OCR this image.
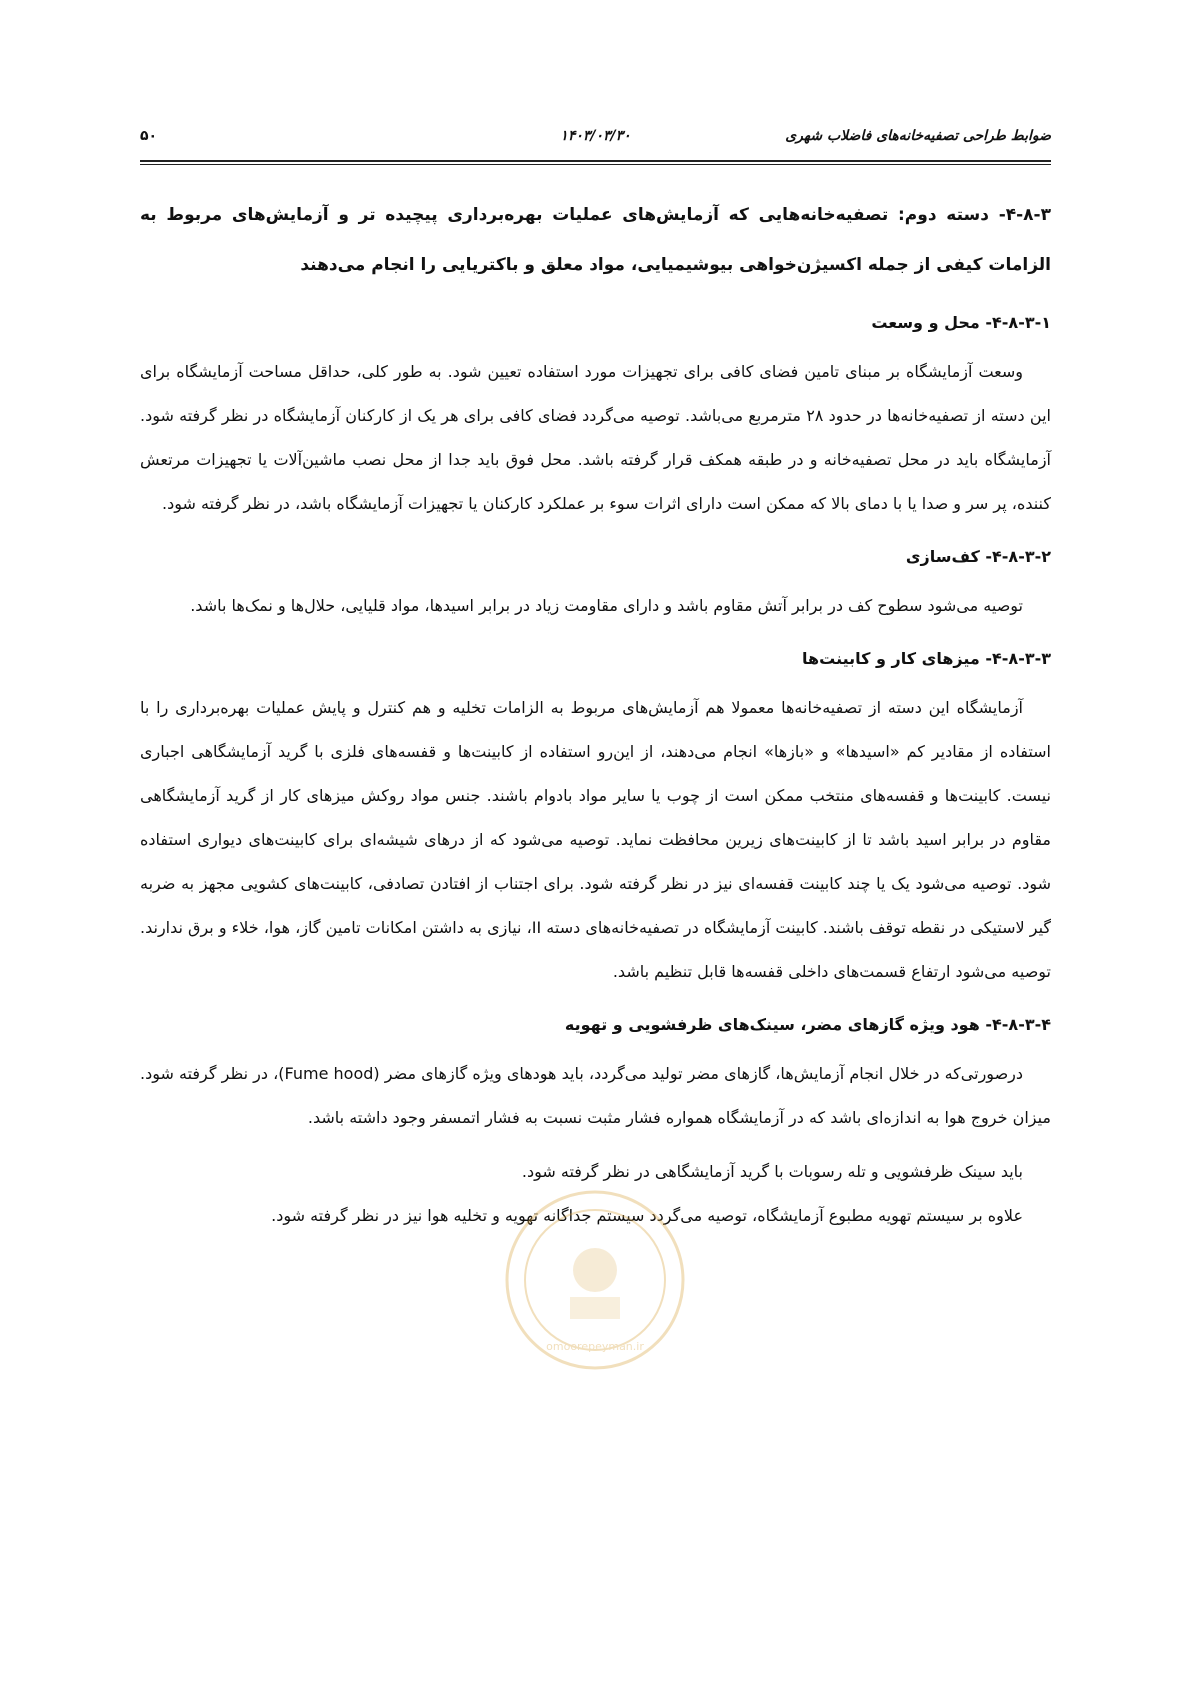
ضوابط طراحی تصفیه‌خانه‌های فاضلاب شهری
۱۴۰۳/۰۳/۳۰
۵۰
۴-۸-۳- دسته دوم: تصفیه‌خانه‌هایی که آزمایش‌های عملیات بهره‌برداری پیچیده تر و آزمایش‌های مربوط به الزامات کیفی از جمله اکسیژن‌خواهی بیوشیمیایی، مواد معلق و باکتریایی را انجام می‌دهند
۴-۸-۳-۱- محل و وسعت

وسعت آزمایشگاه بر مبنای تامین فضای کافی برای تجهیزات مورد استفاده تعیین شود. به طور کلی، حداقل مساحت آزمایشگاه برای این دسته از تصفیه‌خانه‌ها در حدود ۲۸ مترمربع می‌باشد. توصیه می‌گردد فضای کافی برای هر یک از کارکنان آزمایشگاه در نظر گرفته شود. آزمایشگاه باید در محل تصفیه‌خانه و در طبقه همکف قرار گرفته باشد. محل فوق باید جدا از محل نصب ماشین‌آلات یا تجهیزات مرتعش کننده، پر سر و صدا یا با دمای بالا که ممکن است دارای اثرات سوء بر عملکرد کارکنان یا تجهیزات آزمایشگاه باشد، در نظر گرفته شود.

۴-۸-۳-۲- کف‌سازی

توصیه می‌شود سطوح کف در برابر آتش مقاوم باشد و دارای مقاومت زیاد در برابر اسیدها، مواد قلیایی، حلال‌ها و نمک‌ها باشد.

۴-۸-۳-۳- میزهای کار و کابینت‌ها

آزمایشگاه این دسته از تصفیه‌خانه‌ها معمولا هم آزمایش‌های مربوط به الزامات تخلیه و هم کنترل و پایش عملیات بهره‌برداری را با استفاده از مقادیر کم «اسیدها» و «بازها» انجام می‌دهند، از این‌رو استفاده از کابینت‌ها و قفسه‌های فلزی با گرید آزمایشگاهی اجباری نیست. کابینت‌ها و قفسه‌های منتخب ممکن است از چوب یا سایر مواد بادوام باشند. جنس مواد روکش میزهای کار از گرید آزمایشگاهی مقاوم در برابر اسید باشد تا از کابینت‌های زیرین محافظت نماید. توصیه می‌شود که از درهای شیشه‌ای برای کابینت‌های دیواری استفاده شود. توصیه می‌شود یک یا چند کابینت قفسه‌ای نیز در نظر گرفته شود. برای اجتناب از افتادن تصادفی، کابینت‌های کشویی مجهز به ضربه گیر لاستیکی در نقطه توقف باشند. کابینت آزمایشگاه در تصفیه‌خانه‌های دسته II، نیازی به داشتن امکانات تامین گاز، هوا، خلاء و برق ندارند. توصیه می‌شود ارتفاع قسمت‌های داخلی قفسه‌ها قابل تنظیم باشد.

۴-۸-۳-۴- هود ویژه گازهای مضر، سینک‌های ظرفشویی و تهویه

درصورتی‌که در خلال انجام آزمایش‌ها، گازهای مضر تولید می‌گردد، باید هودهای ویژه گازهای مضر (Fume hood)، در نظر گرفته شود. میزان خروج هوا به اندازه‌ای باشد که در آزمایشگاه همواره فشار مثبت نسبت به فشار اتمسفر وجود داشته باشد.

باید سینک ظرفشویی و تله رسوبات با گرید آزمایشگاهی در نظر گرفته شود.

علاوه بر سیستم تهویه مطبوع آزمایشگاه، توصیه می‌گردد سیستم جداگانه تهویه و تخلیه هوا نیز در نظر گرفته شود.

omoorepeyman.ir
